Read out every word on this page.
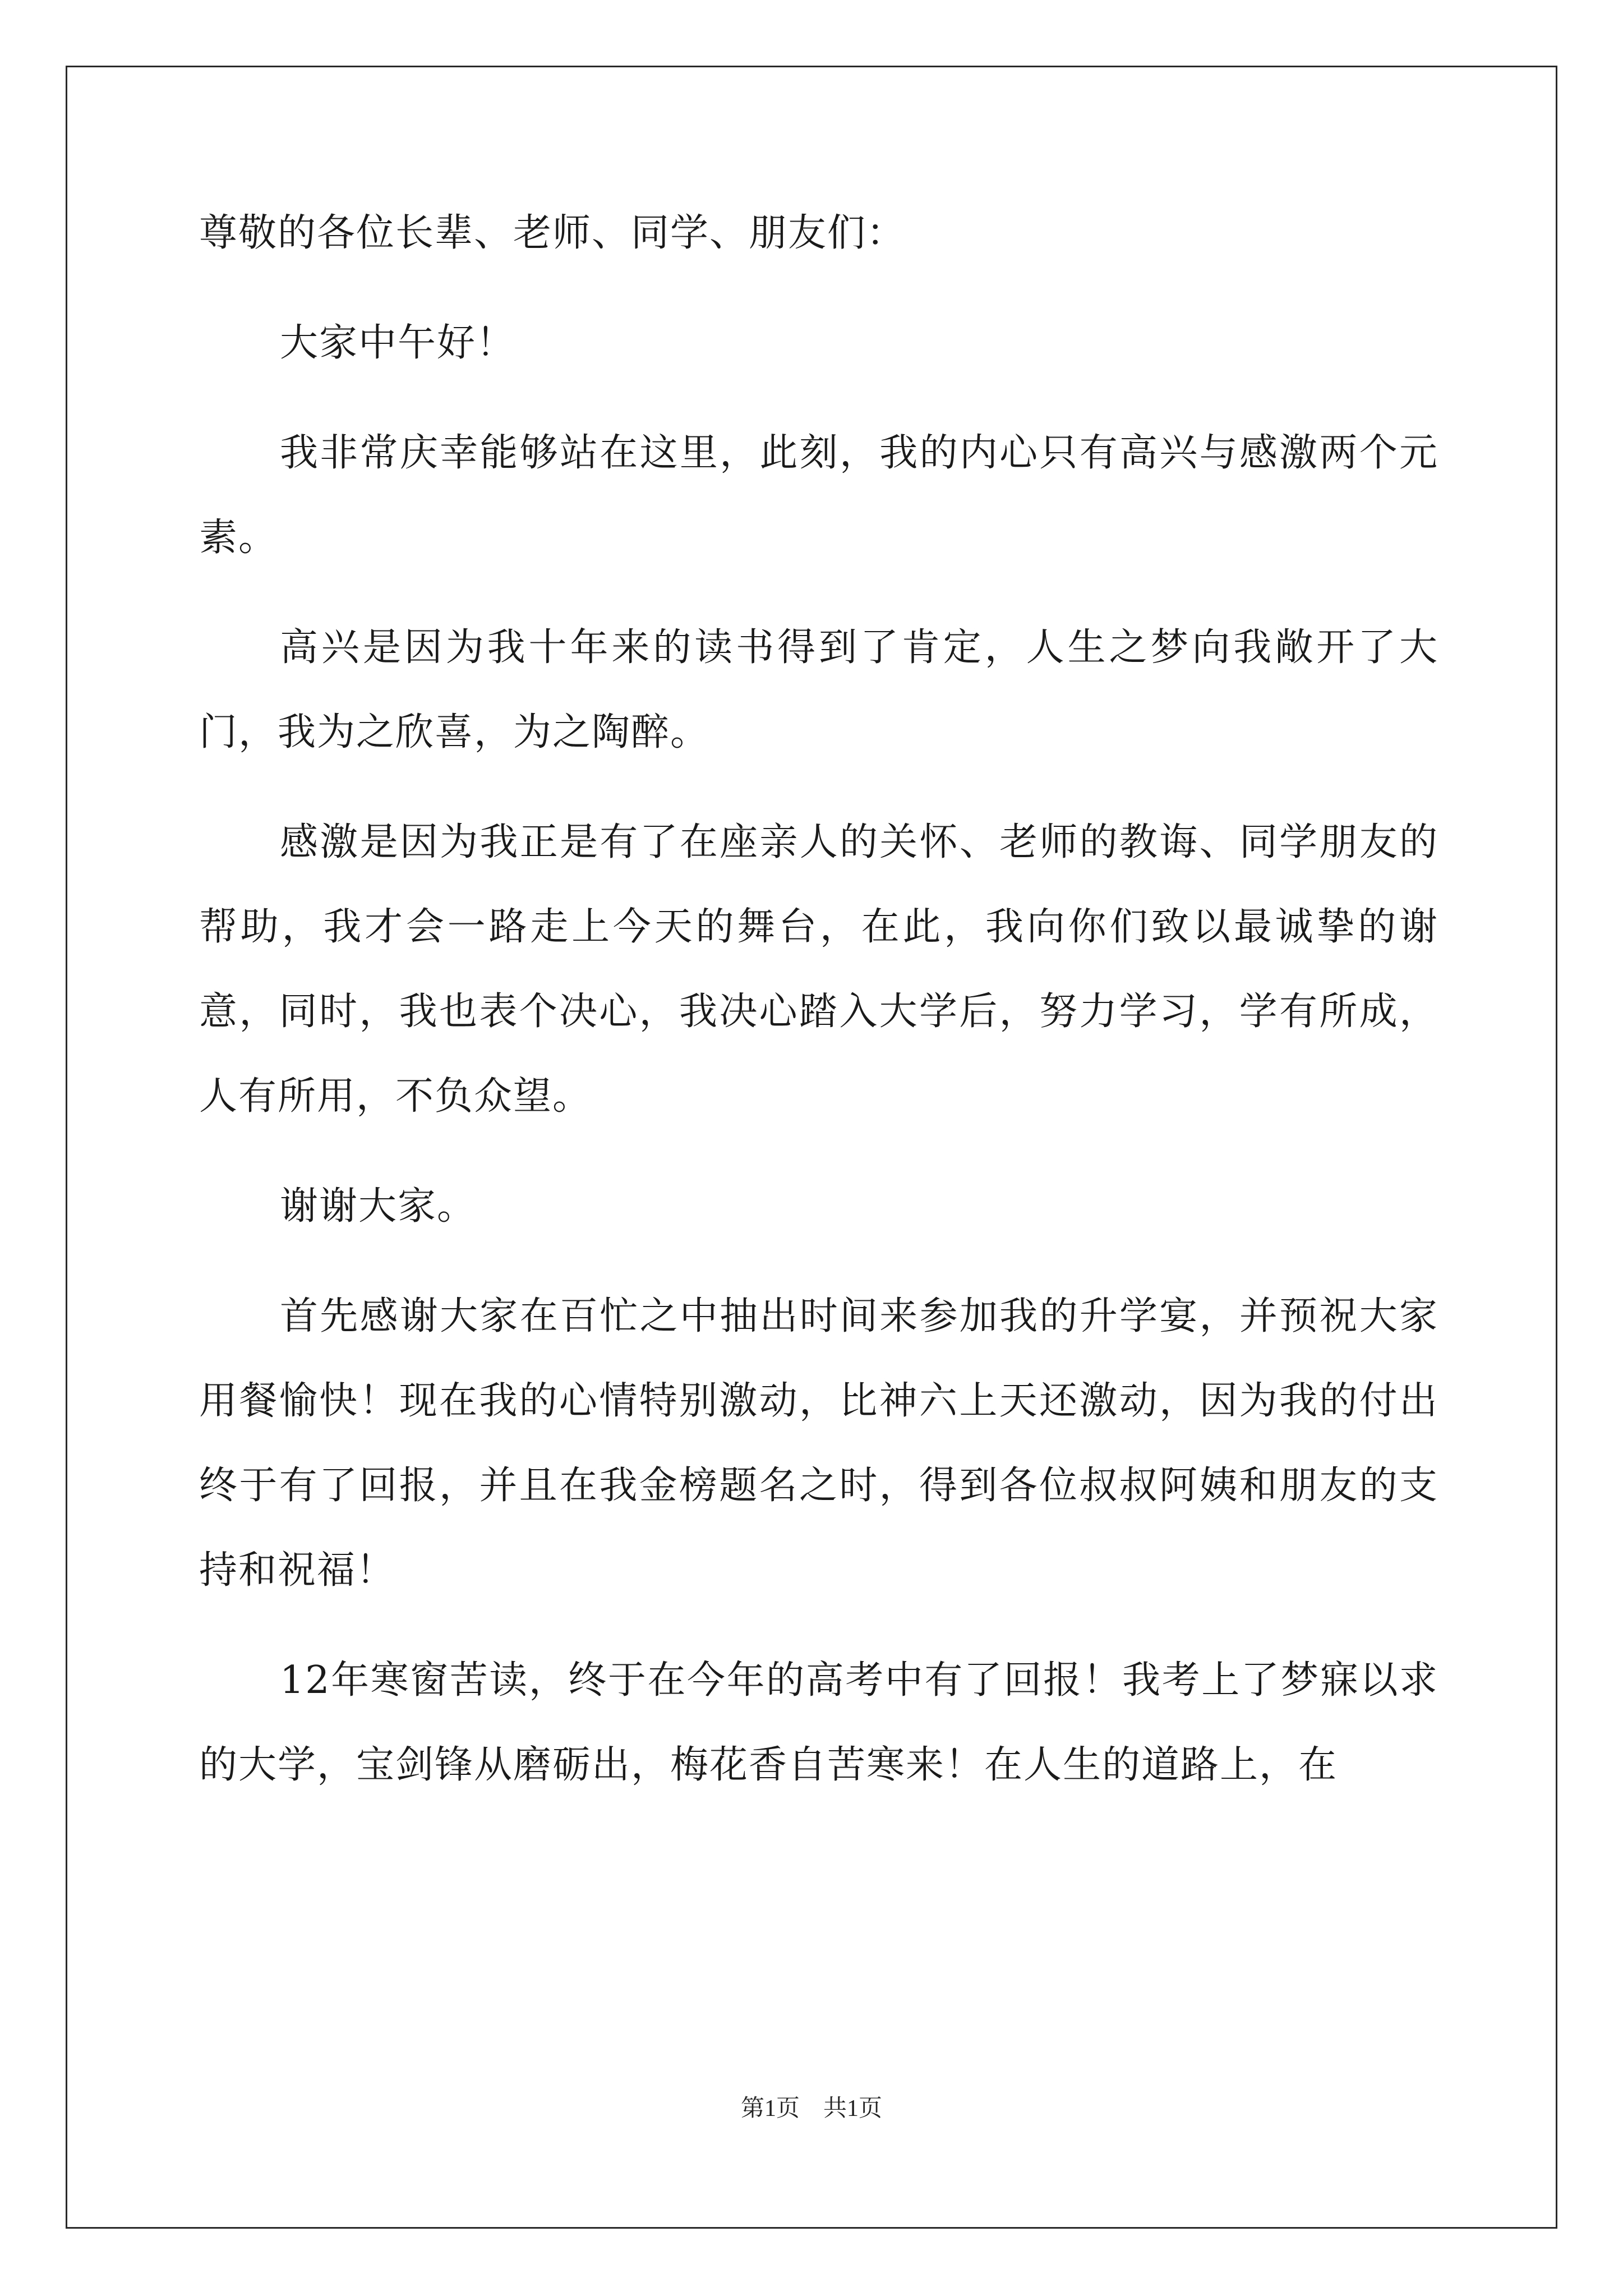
尊敬的各位长辈、老师、同学、朋友们：

大家中午好！

我非常庆幸能够站在这里，此刻，我的内心只有高兴与感激两个元素。

高兴是因为我十年来的读书得到了肯定，人生之梦向我敞开了大门，我为之欣喜，为之陶醉。

感激是因为我正是有了在座亲人的关怀、老师的教诲、同学朋友的帮助，我才会一路走上今天的舞台，在此，我向你们致以最诚挚的谢意，同时，我也表个决心，我决心踏入大学后，努力学习，学有所成，人有所用，不负众望。

谢谢大家。

首先感谢大家在百忙之中抽出时间来参加我的升学宴，并预祝大家用餐愉快！现在我的心情特别激动，比神六上天还激动，因为我的付出终于有了回报，并且在我金榜题名之时，得到各位叔叔阿姨和朋友的支持和祝福！

12年寒窗苦读，终于在今年的高考中有了回报！我考上了梦寐以求的大学，宝剑锋从磨砺出，梅花香自苦寒来！在人生的道路上，在

第1页　共1页
